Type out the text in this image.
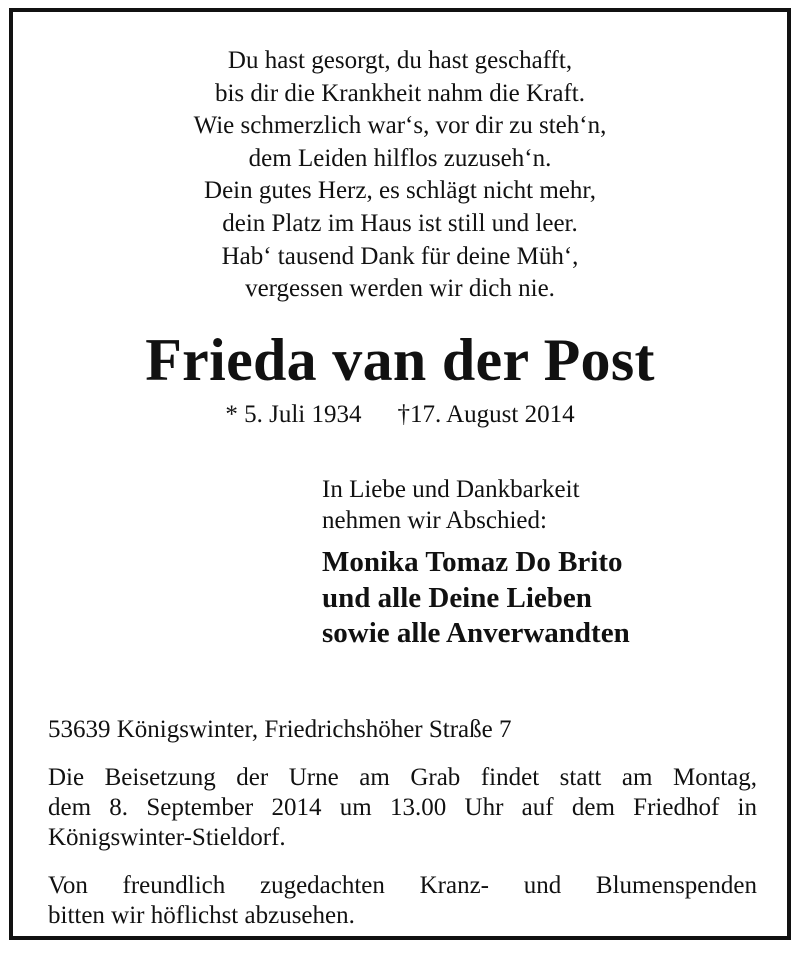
Du hast gesorgt, du hast geschafft,
bis dir die Krankheit nahm die Kraft.
Wie schmerzlich war‘s, vor dir zu steh‘n,
dem Leiden hilflos zuzuseh‘n.
Dein gutes Herz, es schlägt nicht mehr,
dein Platz im Haus ist still und leer.
Hab‘ tausend Dank für deine Müh‘,
vergessen werden wir dich nie.
Frieda van der Post
* 5. Juli 1934 †17. August 2014
In Liebe und Dankbarkeit
nehmen wir Abschied:
Monika Tomaz Do Brito
und alle Deine Lieben
sowie alle Anverwandten
53639 Königswinter, Friedrichshöher Straße 7
Die Beisetzung der Urne am Grab findet statt am Montag,
dem 8. September 2014 um 13.00 Uhr auf dem Friedhof in
Königswinter-Stieldorf.
Von freundlich zugedachten Kranz- und Blumenspenden
bitten wir höflichst abzusehen.
